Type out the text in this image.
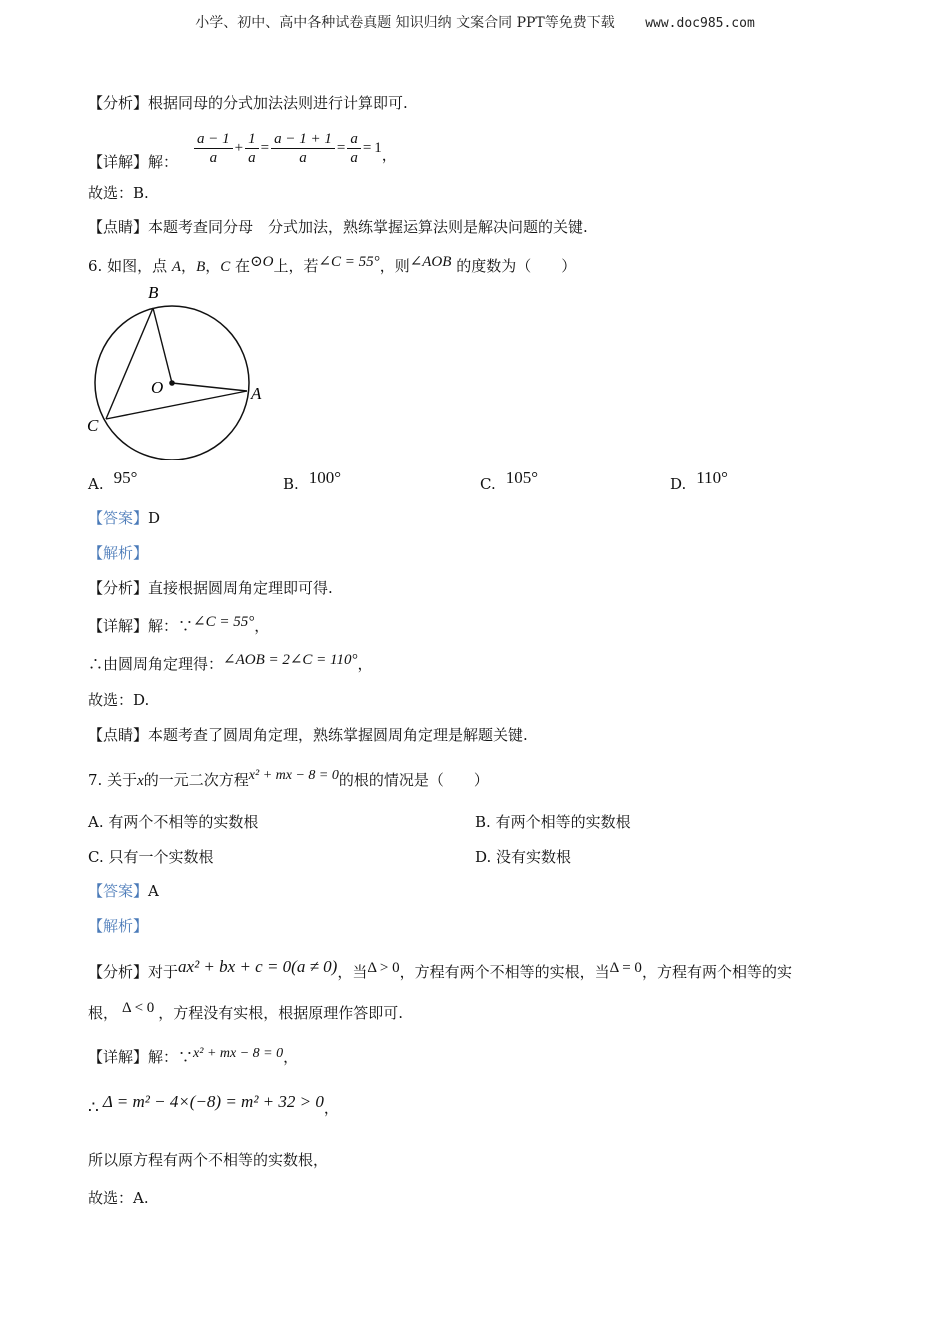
小学、初中、高中各种试卷真题 知识归纳 文案合同 PPT等免费下载 www.doc985.com
【分析】根据同母的分式加法法则进行计算即可.
【详解】 解： $\frac{a - 1}{a} + \frac{1}{a} = \frac{a - 1 + 1}{a} = \frac{a}{a} = 1$ ，
故选：B.
【点睛】本题考查同分母　分式加法，熟练掌握运算法则是解决问题的关键.
6. 如图，点 A，B，C 在⊙O上，若∠C = 55°，则∠AOB 的度数为（　　）
B
O	A
C
A. 95°	B. 100°	C. 105°	D. 110°
【答案】D
【解析】
【分析】直接根据圆周角定理即可得.
【详解】解：∵∠C = 55°，
∴由圆周角定理得：∠AOB = 2∠C = 110°，
故选：D.
【点睛】本题考查了圆周角定理，熟练掌握圆周角定理是解题关键.
7. 关于x的一元二次方程x² + mx − 8 = 0的根的情况是（　　）
A. 有两个不相等的实数根	B. 有两个相等的实数根
C. 只有一个实数根	D. 没有实数根
【答案】A
【解析】
【分析】对于ax² + bx + c = 0(a ≠ 0)，当Δ > 0，方程有两个不相等的实根，当Δ = 0，方程有两个相等的实
根， Δ < 0 ，方程没有实根，根据原理作答即可.
【详解】解：∵x² + mx − 8 = 0，
∴ Δ = m² − 4×(−8) = m² + 32 > 0，
所以原方程有两个不相等的实数根，
故选：A.
